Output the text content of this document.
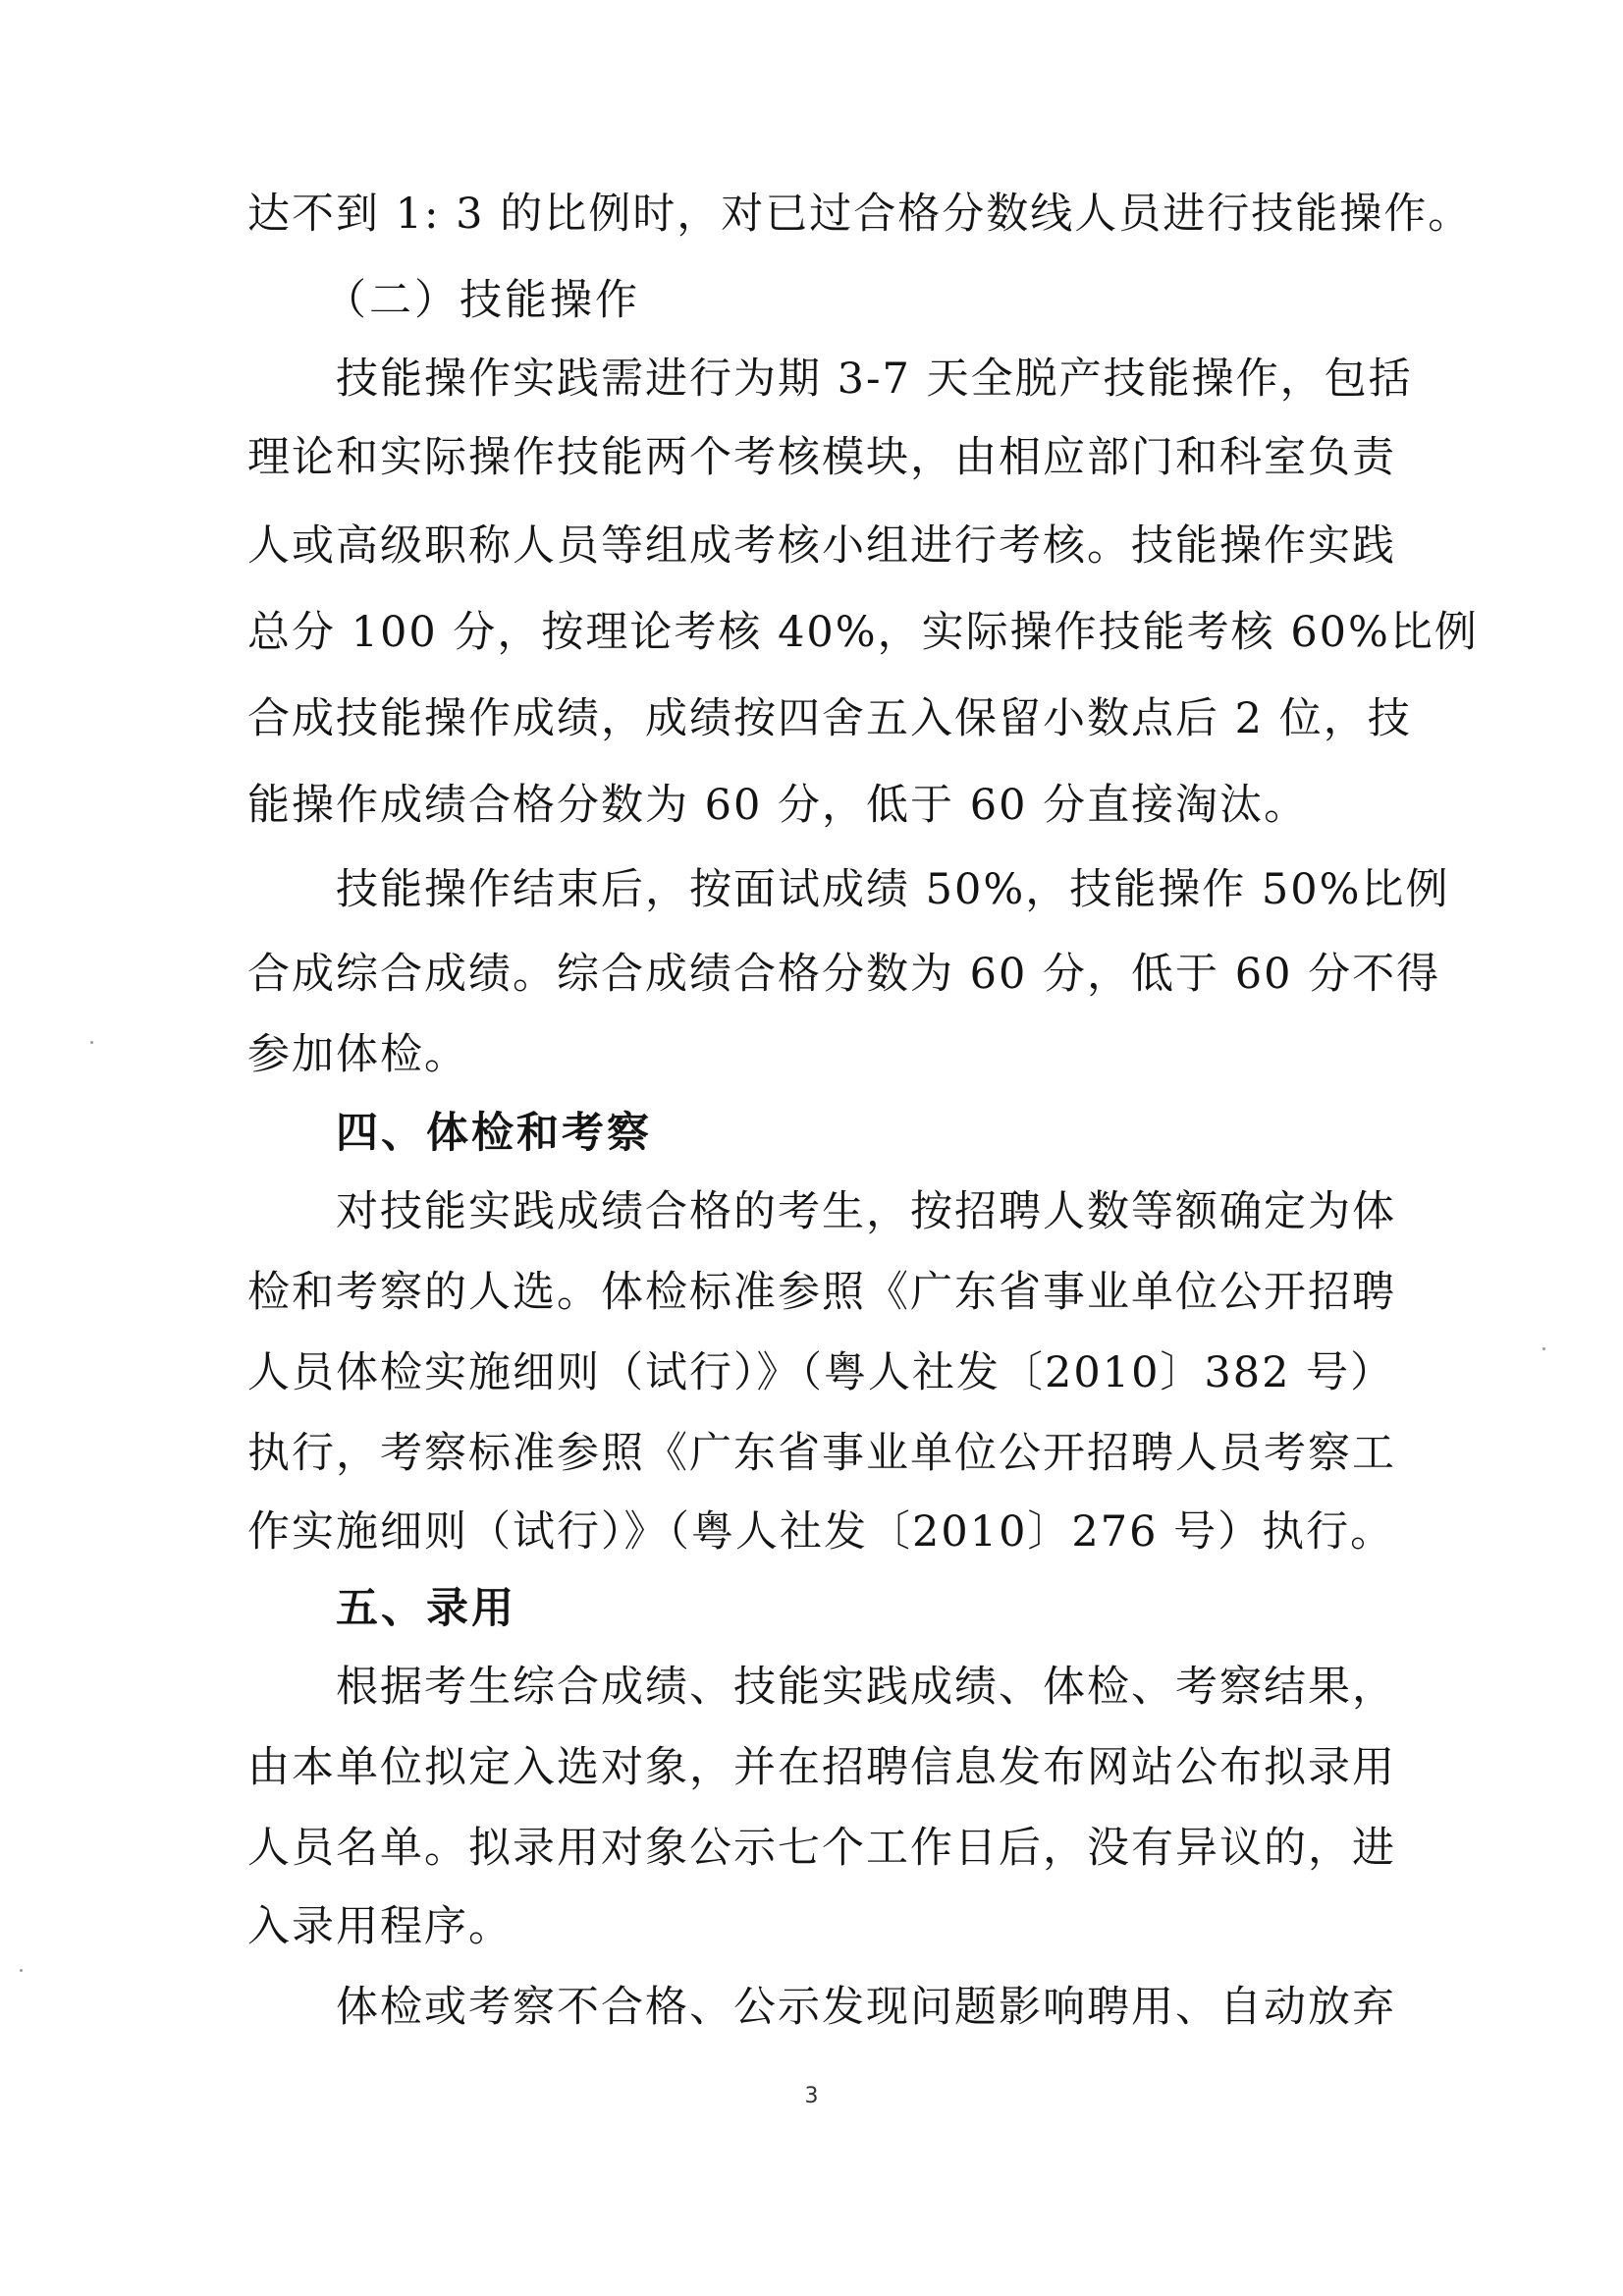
达不到 1: 3 的比例时，对已过合格分数线人员进行技能操作。
（二）技能操作
技能操作实践需进行为期 3-7 天全脱产技能操作，包括
理论和实际操作技能两个考核模块，由相应部门和科室负责
人或高级职称人员等组成考核小组进行考核。技能操作实践
总分 100 分，按理论考核 40%，实际操作技能考核 60%比例
合成技能操作成绩，成绩按四舍五入保留小数点后 2 位，技
能操作成绩合格分数为 60 分，低于 60 分直接淘汰。
技能操作结束后，按面试成绩 50%，技能操作 50%比例
合成综合成绩。综合成绩合格分数为 60 分，低于 60 分不得
参加体检。
四、体检和考察
对技能实践成绩合格的考生，按招聘人数等额确定为体
检和考察的人选。体检标准参照《广东省事业单位公开招聘
人员体检实施细则（试行）》（粤人社发〔2010〕382 号）
执行，考察标准参照《广东省事业单位公开招聘人员考察工
作实施细则（试行）》（粤人社发〔2010〕276 号）执行。
五、录用
根据考生综合成绩、技能实践成绩、体检、考察结果，
由本单位拟定入选对象，并在招聘信息发布网站公布拟录用
人员名单。拟录用对象公示七个工作日后，没有异议的，进
入录用程序。
体检或考察不合格、公示发现问题影响聘用、自动放弃
3
